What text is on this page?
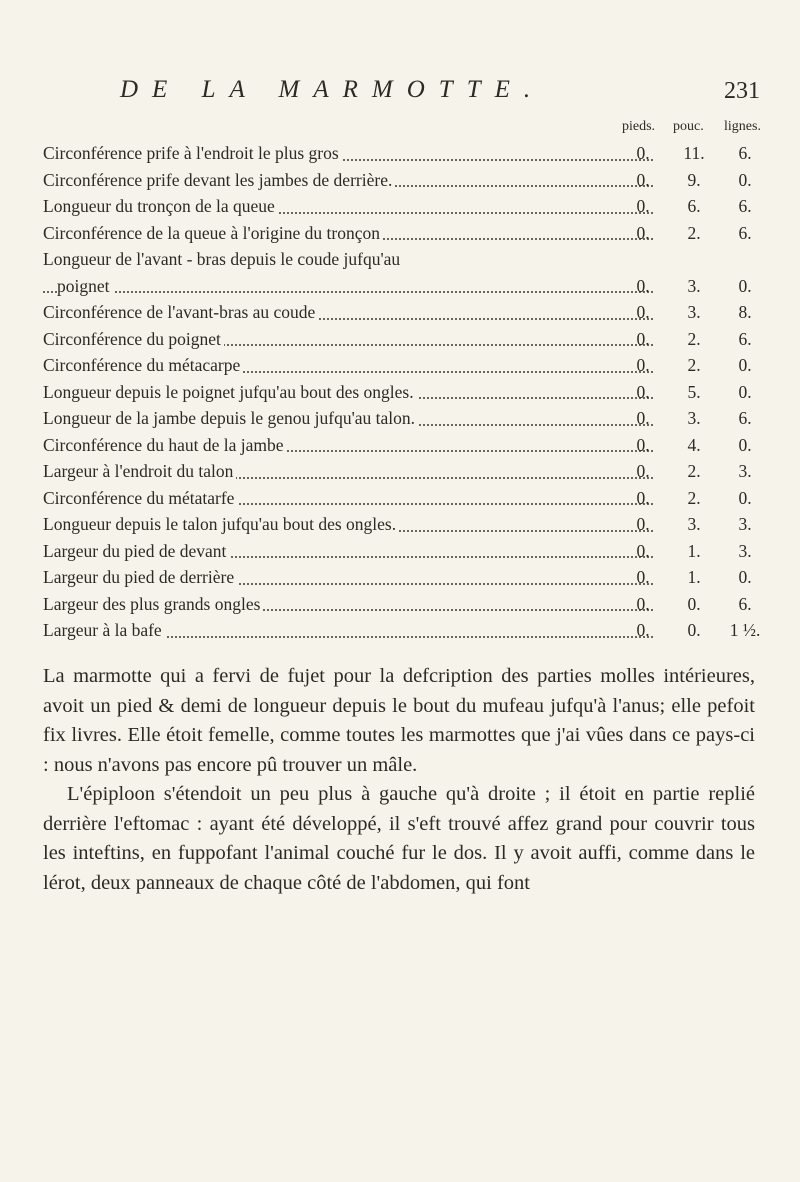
DE LA MARMOTTE.	231
pieds. pouc. lignes.
Circonférence prife à l'endroit le plus gros	0.	11.	6.
Circonférence prife devant les jambes de derrière.	0.	9.	0.
Longueur du tronçon de la queue	0.	6.	6.
Circonférence de la queue à l'origine du tronçon	0.	2.	6.
Longueur de l'avant - bras depuis le coude jufqu'au
poignet	0.	3.	0.
Circonférence de l'avant-bras au coude	0.	3.	8.
Circonférence du poignet	0.	2.	6.
Circonférence du métacarpe	0.	2.	0.
Longueur depuis le poignet jufqu'au bout des ongles.	0.	5.	0.
Longueur de la jambe depuis le genou jufqu'au talon.	0.	3.	6.
Circonférence du haut de la jambe	0.	4.	0.
Largeur à l'endroit du talon	0.	2.	3.
Circonférence du métatarfe	0.	2.	0.
Longueur depuis le talon jufqu'au bout des ongles.	0.	3.	3.
Largeur du pied de devant	0.	1.	3.
Largeur du pied de derrière	0.	1.	0.
Largeur des plus grands ongles	0.	0.	6.
Largeur à la bafe	0.	0.	1 ½.

La marmotte qui a fervi de fujet pour la defcription des parties molles intérieures, avoit un pied & demi de longueur depuis le bout du mufeau jufqu'à l'anus; elle pefoit fix livres. Elle étoit femelle, comme toutes les marmottes que j'ai vûes dans ce pays-ci : nous n'avons pas encore pû trouver un mâle.

L'épiploon s'étendoit un peu plus à gauche qu'à droite ; il étoit en partie replié derrière l'eftomac : ayant été développé, il s'eft trouvé affez grand pour couvrir tous les inteftins, en fuppofant l'animal couché fur le dos. Il y avoit auffi, comme dans le lérot, deux panneaux de chaque côté de l'abdomen, qui font
